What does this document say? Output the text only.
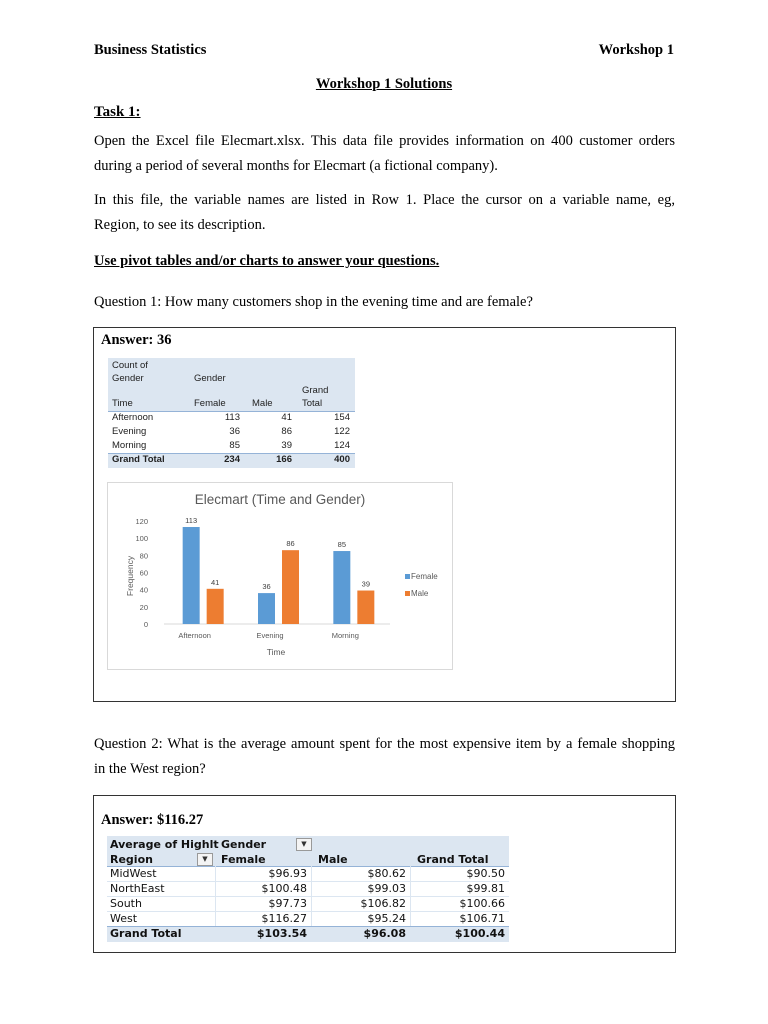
Business Statistics	Workshop 1
Workshop 1 Solutions
Task 1:
Open the Excel file Elecmart.xlsx. This data file provides information on 400 customer orders
during a period of several months for Elecmart (a fictional company).
In this file, the variable names are listed in Row 1. Place the cursor on a variable name, eg,
Region, to see its description.
Use pivot tables and/or charts to answer your questions.
Question 1: How many customers shop in the evening time and are female?
Answer: 36
Count of
Gender	Gender
Grand
Time	Female	Male	Total
Afternoon	113	41	154
Evening	36	86	122
Morning	85	39	124
Grand Total	234	166	400
Elecmart (Time and Gender)
Frequency
Time
0
20
40
60
80
100
120
Afternoon	Evening	Morning
113
41	36
86	85
39
Female
Male
Question 2: What is the average amount spent for the most expensive item by a female shopping
in the West region?
Answer: $116.27
Average of Highlt Gender	▼
Region	▼	Female	Male	Grand Total
MidWest	$96.93	$80.62	$90.50
NorthEast	$100.48	$99.03	$99.81
South	$97.73	$106.82	$100.66
West	$116.27	$95.24	$106.71
Grand Total	$103.54	$96.08	$100.44
